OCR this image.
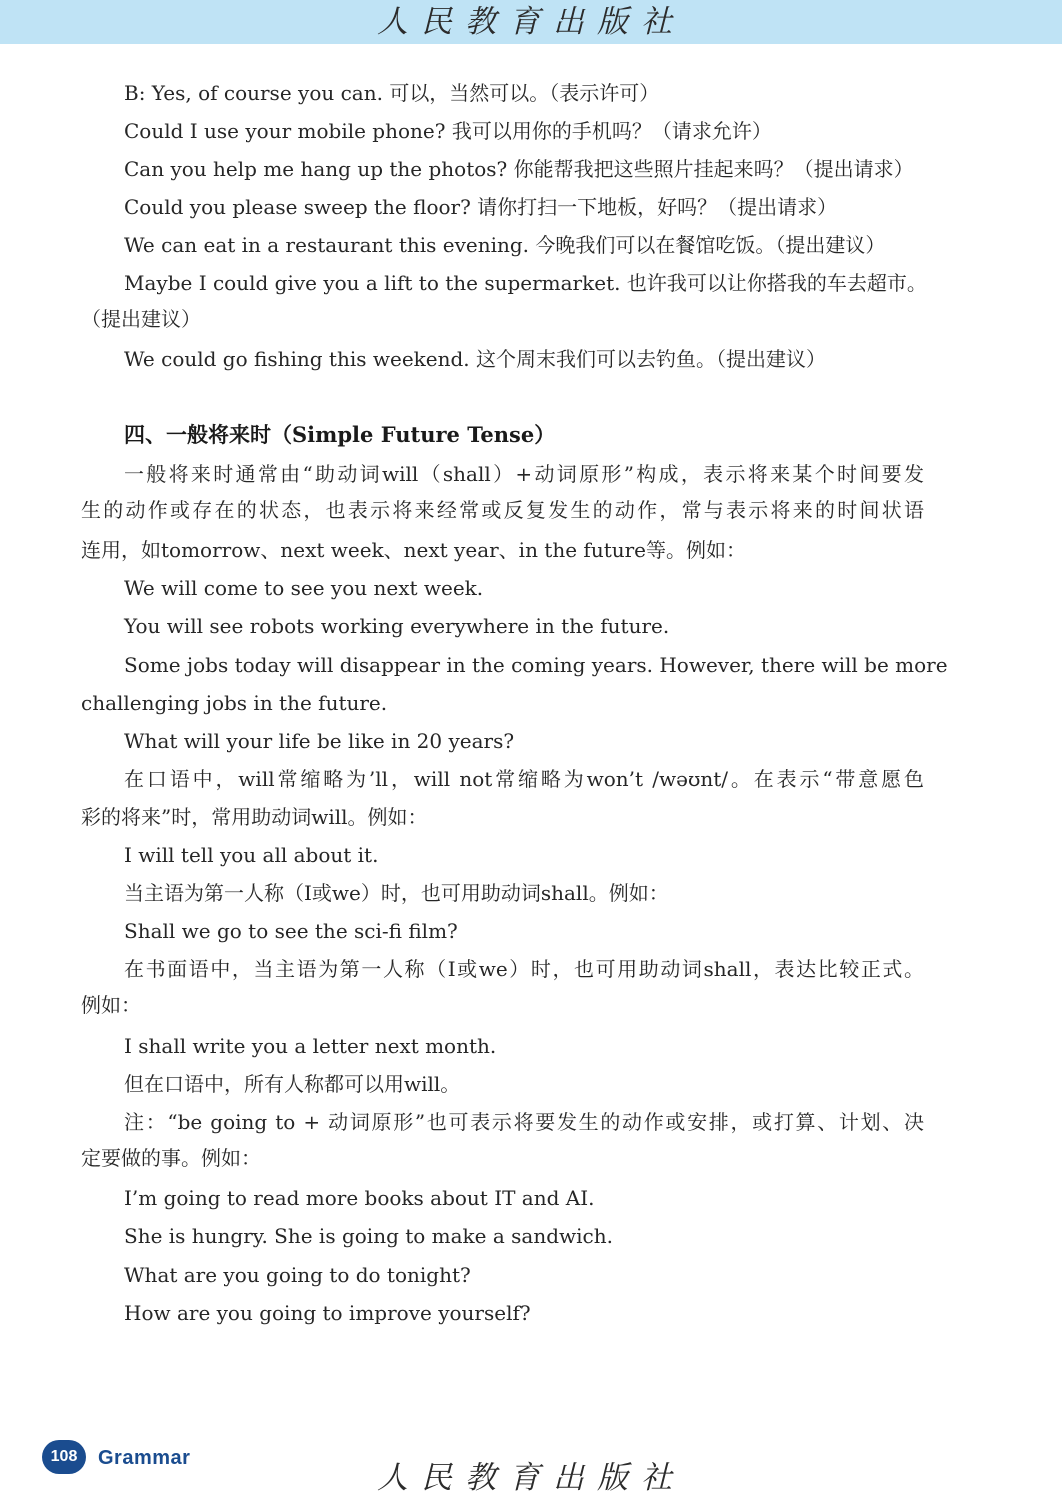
人民教育出版社
B: Yes, of course you can. 可以，当然可以。（表示许可）
Could I use your mobile phone? 我可以用你的手机吗？（请求允许）
Can you help me hang up the photos? 你能帮我把这些照片挂起来吗？（提出请求）
Could you please sweep the floor? 请你打扫一下地板，好吗？（提出请求）
We can eat in a restaurant this evening. 今晚我们可以在餐馆吃饭。（提出建议）
Maybe I could give you a lift to the supermarket. 也许我可以让你搭我的车去超市。
（提出建议）
We could go fishing this weekend. 这个周末我们可以去钓鱼。（提出建议）
四、一般将来时（Simple Future Tense）
一般将来时通常由“助动词will（shall）+动词原形”构成，表示将来某个时间要发
生的动作或存在的状态，也表示将来经常或反复发生的动作，常与表示将来的时间状语
连用，如tomorrow、next week、next year、in the future等。例如：
We will come to see you next week.
You will see robots working everywhere in the future.
Some jobs today will disappear in the coming years. However, there will be more
challenging jobs in the future.
What will your life be like in 20 years?
在口语中，will常缩略为’ll，will not常缩略为won’t /wəʊnt/。在表示“带意愿色
彩的将来”时，常用助动词will。例如：
I will tell you all about it.
当主语为第一人称（I或we）时，也可用助动词shall。例如：
Shall we go to see the sci-fi film?
在书面语中，当主语为第一人称（I或we）时，也可用助动词shall，表达比较正式。
例如：
I shall write you a letter next month.
但在口语中，所有人称都可以用will。
注：“be going to + 动词原形”也可表示将要发生的动作或安排，或打算、计划、决
定要做的事。例如：
I’m going to read more books about IT and AI.
She is hungry. She is going to make a sandwich.
What are you going to do tonight?
How are you going to improve yourself?
108	Grammar
人民教育出版社
